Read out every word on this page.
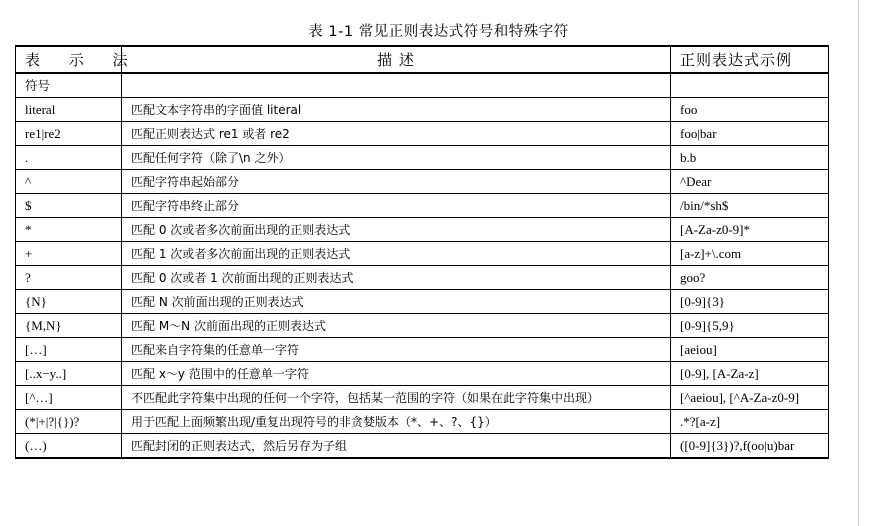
表 1-1 常见正则表达式符号和特殊字符
表 示 法	描 述	正则表达式示例
符号		
literal	匹配文本字符串的字面值 literal	foo
re1|re2	匹配正则表达式 re1 或者 re2	foo|bar
.	匹配任何字符（除了\n 之外）	b.b
^	匹配字符串起始部分	^Dear
$	匹配字符串终止部分	/bin/*sh$
*	匹配 0 次或者多次前面出现的正则表达式	[A-Za-z0-9]*
+	匹配 1 次或者多次前面出现的正则表达式	[a-z]+\.com
?	匹配 0 次或者 1 次前面出现的正则表达式	goo?
{N}	匹配 N 次前面出现的正则表达式	[0-9]{3}
{M,N}	匹配 M～N 次前面出现的正则表达式	[0-9]{5,9}
[…]	匹配来自字符集的任意单一字符	[aeiou]
[..x−y..]	匹配 x～y 范围中的任意单一字符	[0-9], [A-Za-z]
[^…]	不匹配此字符集中出现的任何一个字符，包括某一范围的字符（如果在此字符集中出现）	[^aeiou], [^A-Za-z0-9]
(*|+|?|{})?	用于匹配上面频繁出现/重复出现符号的非贪婪版本（*、+、?、{}）	.*?[a-z]
(…)	匹配封闭的正则表达式，然后另存为子组	([0-9]{3})?,f(oo|u)bar
